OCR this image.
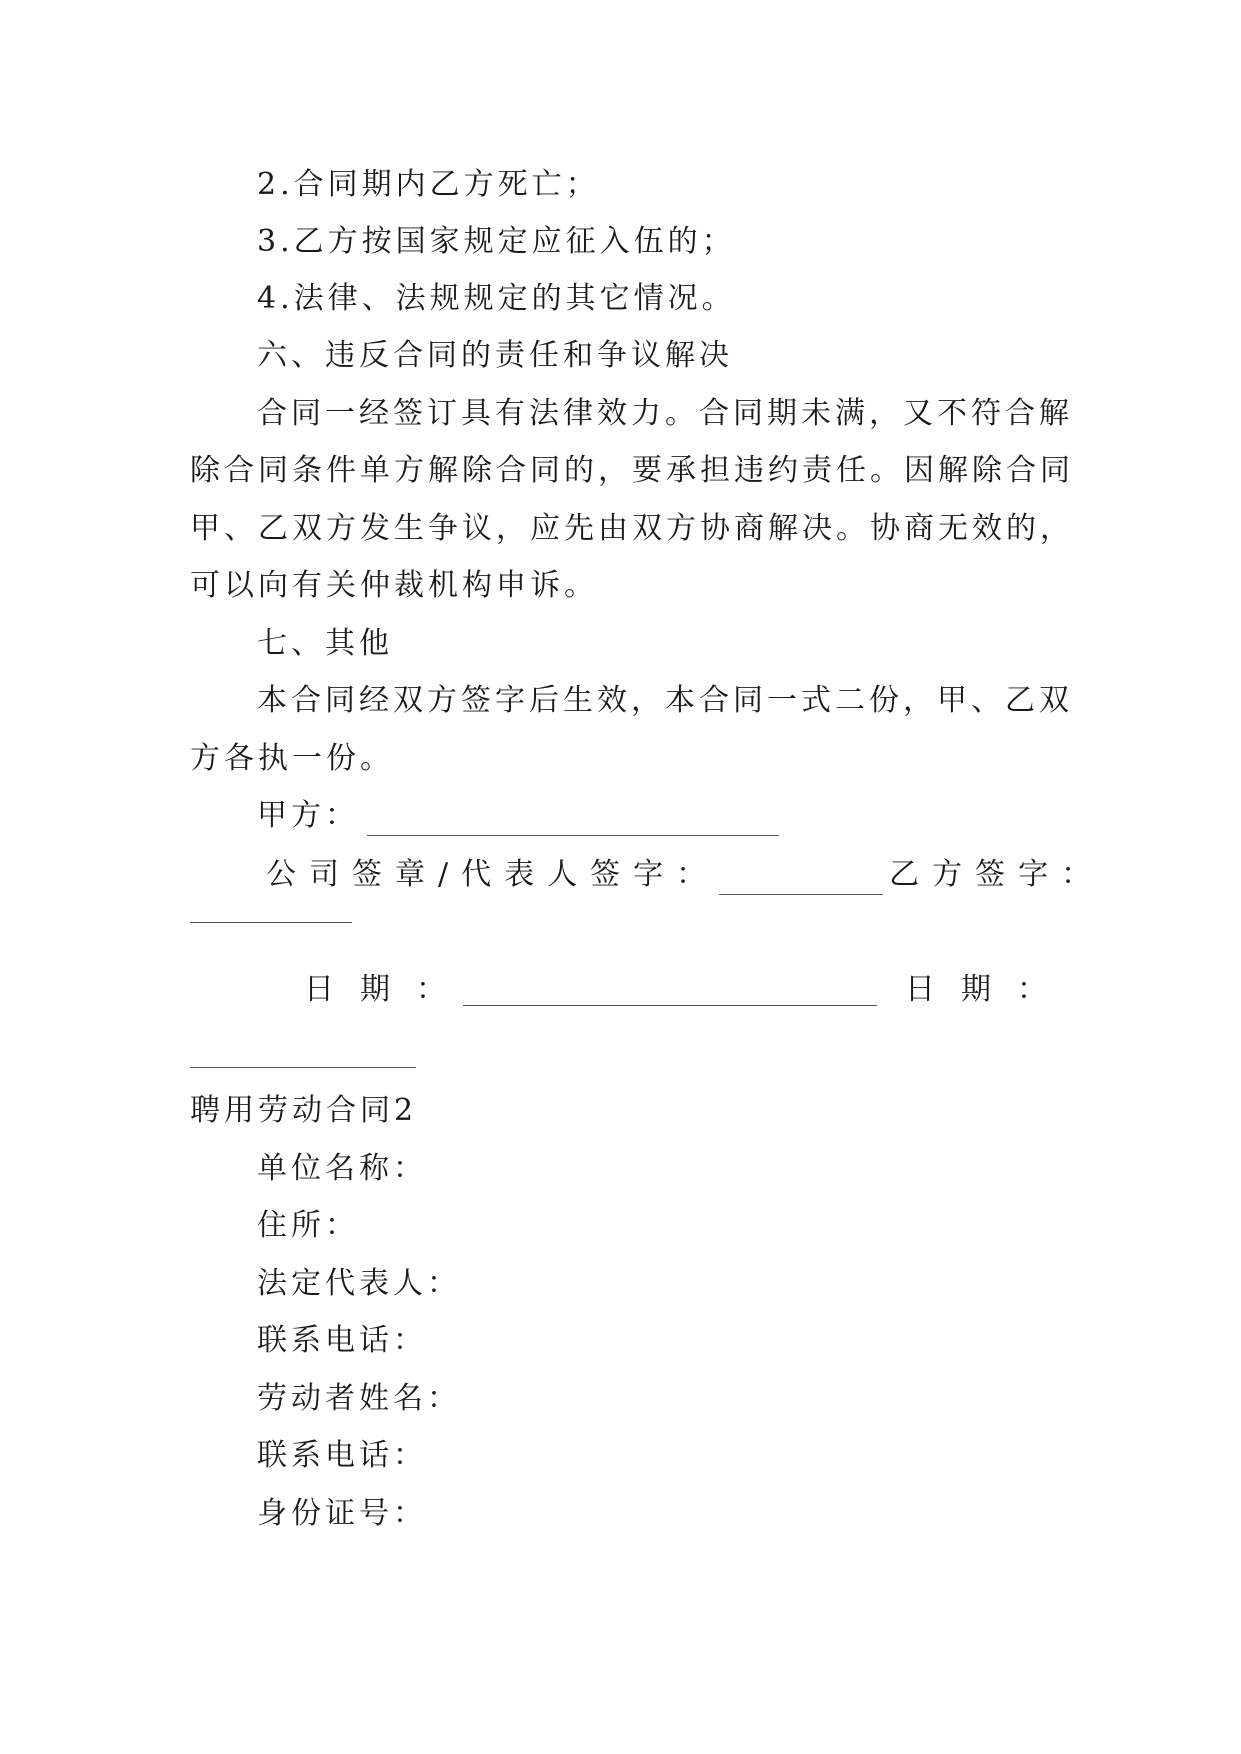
2.合同期内乙方死亡；
3.乙方按国家规定应征入伍的；
4.法律、法规规定的其它情况。
六、违反合同的责任和争议解决
合同一经签订具有法律效力。合同期未满，又不符合解
除合同条件单方解除合同的，要承担违约责任。因解除合同
甲、乙双方发生争议，应先由双方协商解决。协商无效的，
可以向有关仲裁机构申诉。
七、其他
本合同经双方签字后生效，本合同一式二份，甲、乙双
方各执一份。
甲方：
公司签章/代表人签字：	乙方签字：
日期：	日期：
聘用劳动合同2
单位名称：
住所：
法定代表人：
联系电话：
劳动者姓名：
联系电话：
身份证号：
